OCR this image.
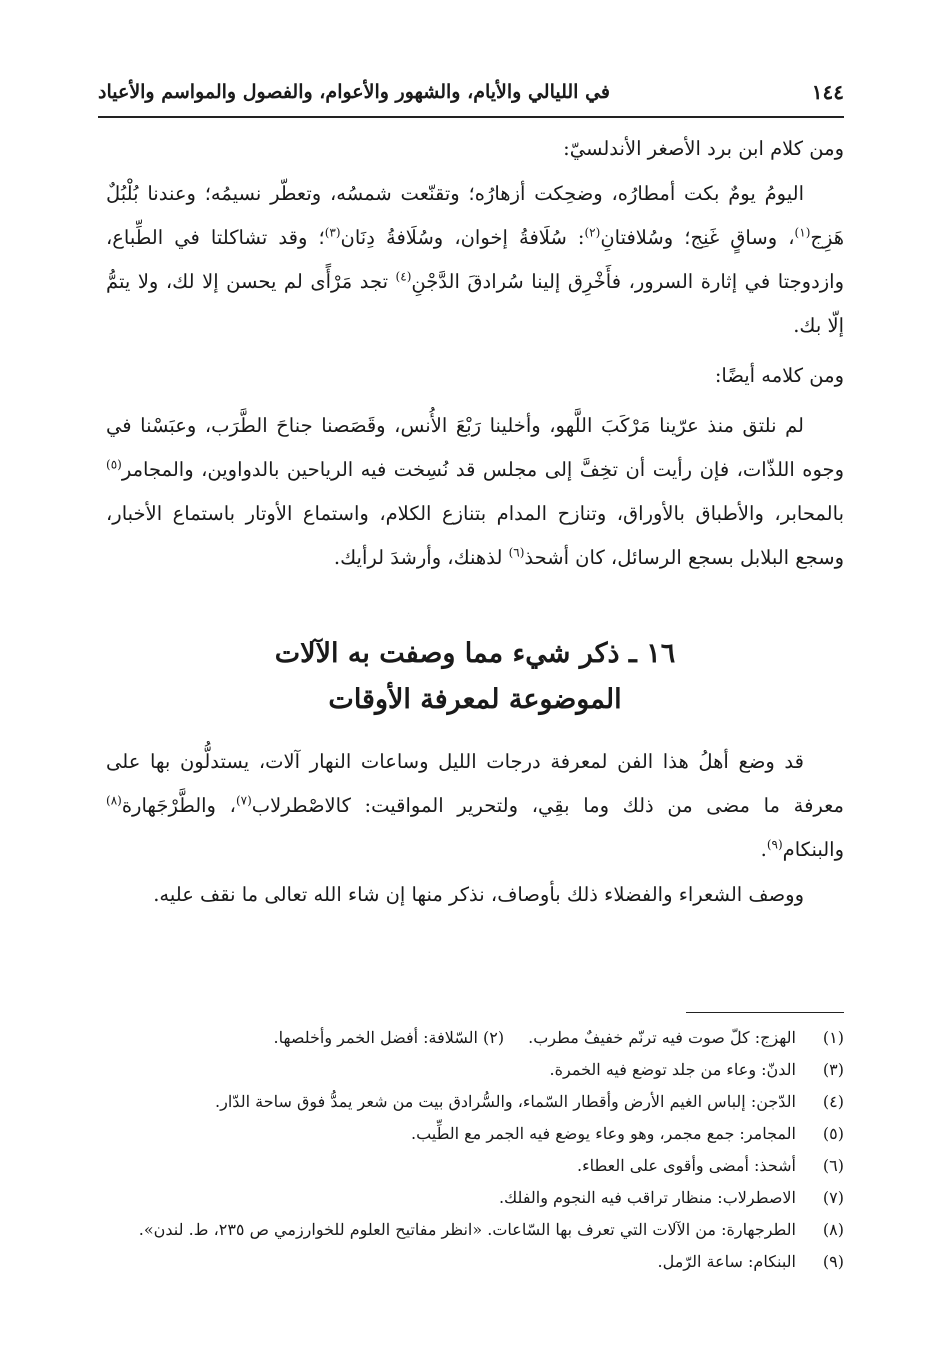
١٤٤
في الليالي والأيام، والشهور والأعوام، والفصول والمواسم والأعياد
ومن كلام ابن برد الأصغر الأندلسيّ:
اليومُ يومٌ بكت أمطارُه، وضحِكت أزهارُه؛ وتقنّعت شمسُه، وتعطّر نسيمُه؛ وعندنا بُلْبُلٌ هَزِج$^{(١)}$، وساقٍ غَنِج؛ وسُلافتانِ$^{(٢)}$: سُلَافةُ إخوان، وسُلَافةُ دِنَان$^{(٣)}$؛ وقد تشاكلتا في الطِّباع، وازدوجتا في إثارة السرور، فأَخْرِق إلينا سُرادقَ الدَّجْنِ$^{(٤)}$ تجد مَرْأًى لم يحسن إلا لك، ولا يتمُّ إلّا بك.
ومن كلامه أيضًا:
لم نلتق منذ عرّينا مَرْكَبَ اللَّهو، وأخلينا رَبْعَ الأُنس، وقَصَصنا جناحَ الطَّرَب، وعبَسْنا في وجوه اللذّات، فإن رأيت أن تخِفَّ إلى مجلس قد نُسِخت فيه الرياحين بالدواوين، والمجامر$^{(٥)}$ بالمحابر، والأطباق بالأوراق، وتنازح المدام بتنازع الكلام، واستماع الأوتار باستماع الأخبار، وسجع البلابل بسجع الرسائل، كان أشحذ$^{(٦)}$ لذهنك، وأرشدَ لرأيك.
١٦ ـ ذكر شيء مما وصفت به الآلات
الموضوعة لمعرفة الأوقات
قد وضع أهلُ هذا الفن لمعرفة درجات الليل وساعات النهار آلات، يستدلُّون بها على معرفة ما مضى من ذلك وما بقِي، ولتحرير المواقيت: كالاصْطرلاب$^{(٧)}$، والطَّرْجَهارة$^{(٨)}$ والبنكام$^{(٩)}$.
ووصف الشعراء والفضلاء ذلك بأوصاف، نذكر منها إن شاء الله تعالى ما نقف عليه.
(١)
الهزج: كلّ صوت فيه ترنّم خفيفٌ مطرب.(٢) السّلافة: أفضل الخمر وأخلصها.
(٣)
الدنّ: وعاء من جلد توضع فيه الخمرة.
(٤)
الدّجن: إلباس الغيم الأرض وأقطار السّماء، والسُّرادق بيت من شعر يمدُّ فوق ساحة الدّار.
(٥)
المجامر: جمع مجمر، وهو وعاء يوضع فيه الجمر مع الطِّيب.
(٦)
أشحذ: أمضى وأقوى على العطاء.
(٧)
الاصطرلاب: منظار تراقب فيه النجوم والفلك.
(٨)
الطرجهارة: من الآلات التي تعرف بها السّاعات. «انظر مفاتيح العلوم للخوارزمي ص ٢٣٥، ط. لندن».
(٩)
البنكام: ساعة الرّمل.
